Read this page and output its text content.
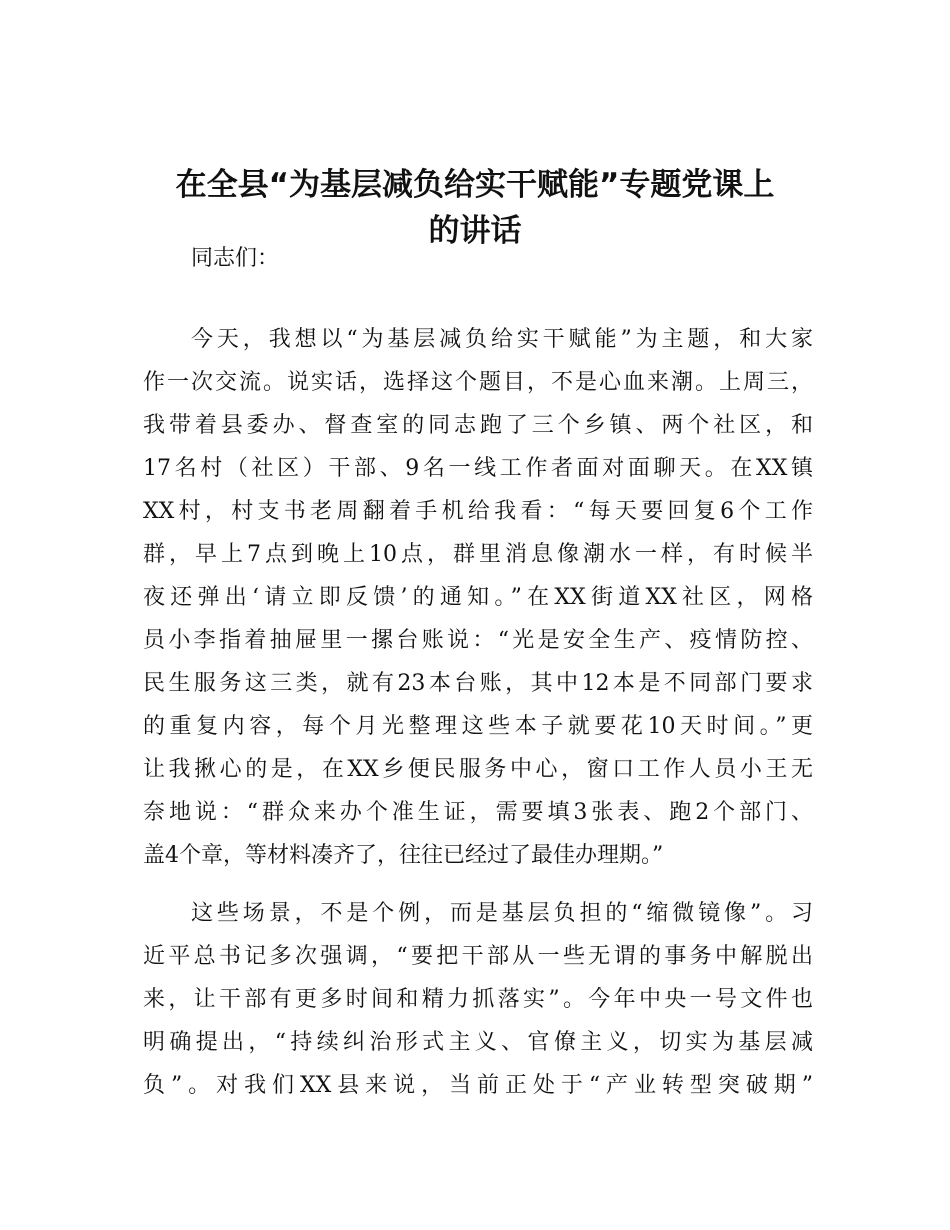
在全县“为基层减负给实干赋能”专题党课上
的讲话
同志们：
今天，我想以“为基层减负给实干赋能”为主题，和大家
作一次交流。说实话，选择这个题目，不是心血来潮。上周三，
我带着县委办、督查室的同志跑了三个乡镇、两个社区，和
17名村（社区）干部、9名一线工作者面对面聊天。在XX镇
XX村，村支书老周翻着手机给我看：“每天要回复6个工作
群，早上7点到晚上10点，群里消息像潮水一样，有时候半
夜还弹出‘请立即反馈’的通知。”在XX街道XX社区，网格
员小李指着抽屉里一摞台账说：“光是安全生产、疫情防控、
民生服务这三类，就有23本台账，其中12本是不同部门要求
的重复内容，每个月光整理这些本子就要花10天时间。”更
让我揪心的是，在XX乡便民服务中心，窗口工作人员小王无
奈地说：“群众来办个准生证，需要填3张表、跑2个部门、
盖4个章，等材料凑齐了，往往已经过了最佳办理期。”
这些场景，不是个例，而是基层负担的“缩微镜像”。习
近平总书记多次强调，“要把干部从一些无谓的事务中解脱出
来，让干部有更多时间和精力抓落实”。今年中央一号文件也
明确提出，“持续纠治形式主义、官僚主义，切实为基层减
负”。对我们XX县来说，当前正处于“产业转型突破期”
